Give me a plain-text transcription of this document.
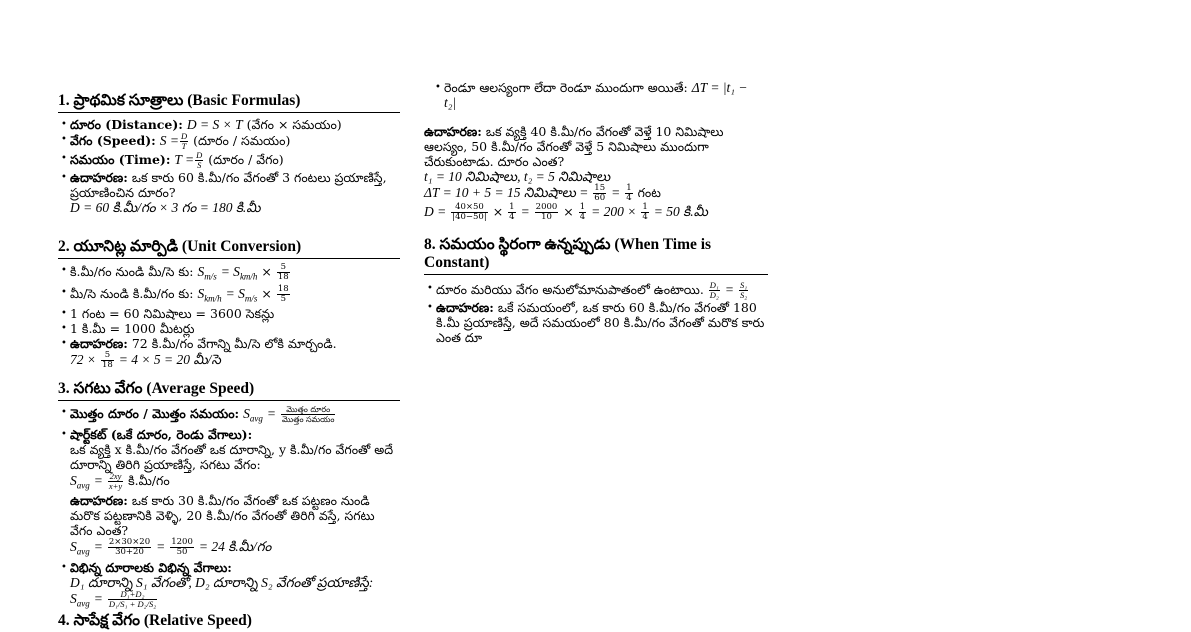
1. ప్రాథమిక సూత్రాలు (Basic Formulas)
• దూరం (Distance): D = S × T (వేగం × సమయం)
• వేగం (Speed): $S = \frac{D}{T}$ (దూరం / సమయం)
• సమయం (Time): $T = \frac{D}{S}$ (దూరం / వేగం)
• ఉదాహరణ: ఒక కారు 60 కి.మీ/గం వేగంతో 3 గంటలు ప్రయాణిస్తే, ప్రయాణించిన దూరం?
D = 60 కి.మీ/గం × 3 గం = 180 కి.మీ
2. యూనిట్ల మార్పిడి (Unit Conversion)
• కి.మీ/గం నుండి మీ/సె కు: $S_{m/s} = S_{km/h} \times \frac{5}{18}$
• మీ/సె నుండి కి.మీ/గం కు: $S_{km/h} = S_{m/s} \times \frac{18}{5}$
• 1 గంట = 60 నిమిషాలు = 3600 సెకన్లు
• 1 కి.మీ = 1000 మీటర్లు
• ఉదాహరణ: 72 కి.మీ/గం వేగాన్ని మీ/సె లోకి మార్చండి.
$72 \times \frac{5}{18} = 4 \times 5 = 20$ మీ/సె
3. సగటు వేగం (Average Speed)
• మొత్తం దూరం / మొత్తం సమయం: $S_{avg}$ =	మొత్తం దూరం
మొత్తం సమయం
• షార్ట్‌కట్ (ఒకే దూరం, రెండు వేగాలు):
ఒక వ్యక్తి x కి.మీ/గం వేగంతో ఒక దూరాన్ని, y కి.మీ/గం వేగంతో అదే దూరాన్ని తిరిగి ప్రయాణిస్తే, సగటు వేగం:
$S_{avg} = \frac{2xy}{x+y}$ కి.మీ/గం
ఉదాహరణ: ఒక కారు 30 కి.మీ/గం వేగంతో ఒక పట్టణం నుండి మరొక పట్టణానికి వెళ్ళి, 20 కి.మీ/గం వేగంతో తిరిగి వస్తే, సగటు వేగం ఎంత?
$S_{avg} = \frac{2\times 30\times 20}{30+20} = \frac{1200}{50} = 24$ కి.మీ/గం
• విభిన్న దూరాలకు విభిన్న వేగాలు:
D₁ దూరాన్ని S₁ వేగంతో, D₂ దూరాన్ని S₂ వేగంతో ప్రయాణిస్తే:
$S_{avg} = \frac{\text{D₁+D₂}}{\text{D₁/S₁ + D₂/S₂}}$
4. సాపేక్ష వేగం (Relative Speed)
• రెండూ ఆలస్యంగా లేదా రెండూ ముందుగా అయితే: ΔT = |t₁ −
t₂|

ఉదాహరణ: ఒక వ్యక్తి 40 కి.మీ/గం వేగంతో వెళ్తే 10 నిమిషాలు ఆలస్యం, 50 కి.మీ/గం వేగంతో వెళ్తే 5 నిమిషాలు ముందుగా చేరుకుంటాడు. దూరం ఎంత?

t₁ = 10 నిమిషాలు, t₂ = 5 నిమిషాలు

ΔT = 10 + 5 = 15 నిమిషాలు = $\frac{15}{60} = \frac{1}{4}$ గంట

$D = \frac{40\times 50}{|40-50|} \times \frac{1}{4} = \frac{2000}{10} \times \frac{1}{4} = 200 \times \frac{1}{4} = 50$ కి.మీ

8. సమయం స్థిరంగా ఉన్నప్పుడు (When Time is Constant)
• దూరం మరియు వేగం అనులోమానుపాతంలో ఉంటాయి. $\frac{\text{D₁}}{\text{D₂}} = \frac{\text{S₁}}{\text{S₂}}$
• ఉదాహరణ: ఒకే సమయంలో, ఒక కారు 60 కి.మీ/గం వేగంతో 180 కి.మీ ప్రయాణిస్తే, అదే సమయంలో 80 కి.మీ/గం వేగంతో మరొక కారు ఎంత దూ
